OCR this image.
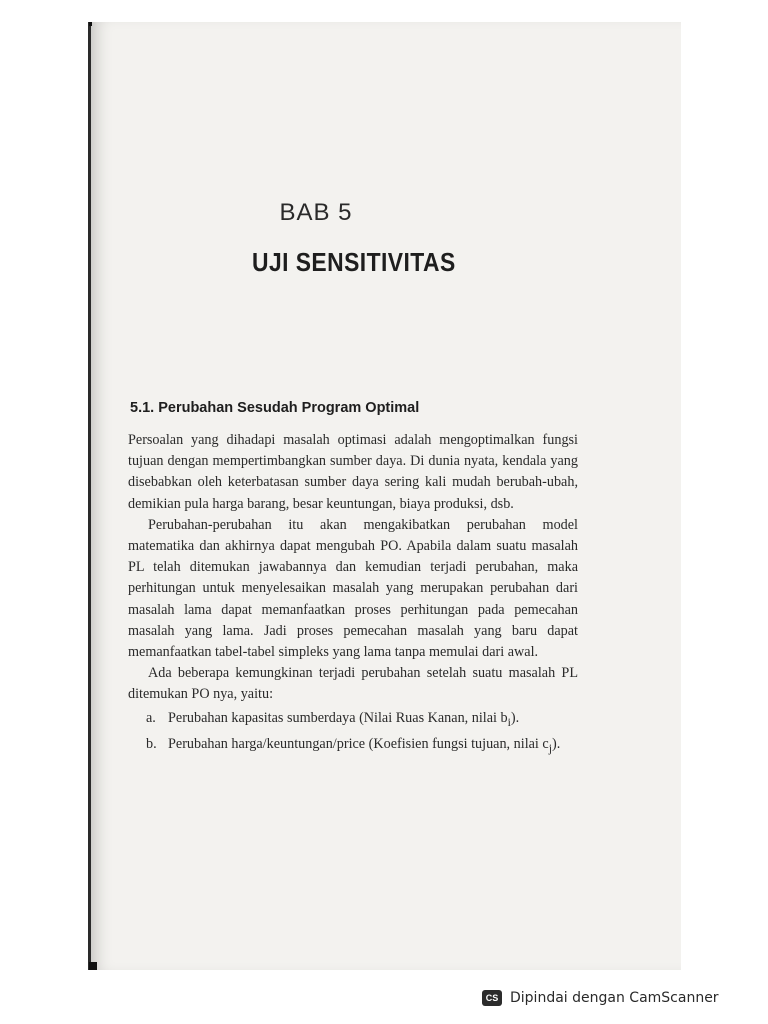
BAB 5
UJI SENSITIVITAS
5.1. Perubahan Sesudah Program Optimal

Persoalan yang dihadapi masalah optimasi adalah mengoptimalkan fungsi tujuan dengan mempertimbangkan sumber daya. Di dunia nyata, kendala yang disebabkan oleh keterbatasan sumber daya sering kali mudah berubah-ubah, demikian pula harga barang, besar keuntungan, biaya produksi, dsb.

Perubahan-perubahan itu akan mengakibatkan perubahan model matematika dan akhirnya dapat mengubah PO. Apabila dalam suatu masalah PL telah ditemukan jawabannya dan kemudian terjadi perubahan, maka perhitungan untuk menyelesaikan masalah yang merupakan perubahan dari masalah lama dapat memanfaatkan proses perhitungan pada pemecahan masalah yang lama. Jadi proses pemecahan masalah yang baru dapat memanfaatkan tabel-tabel simpleks yang lama tanpa memulai dari awal.

Ada beberapa kemungkinan terjadi perubahan setelah suatu masalah PL ditemukan PO nya, yaitu:

a. Perubahan kapasitas sumberdaya (Nilai Ruas Kanan, nilai $b_i$).
b. Perubahan harga/keuntungan/price (Koefisien fungsi tujuan, nilai $c_j$).
CS Dipindai dengan CamScanner
